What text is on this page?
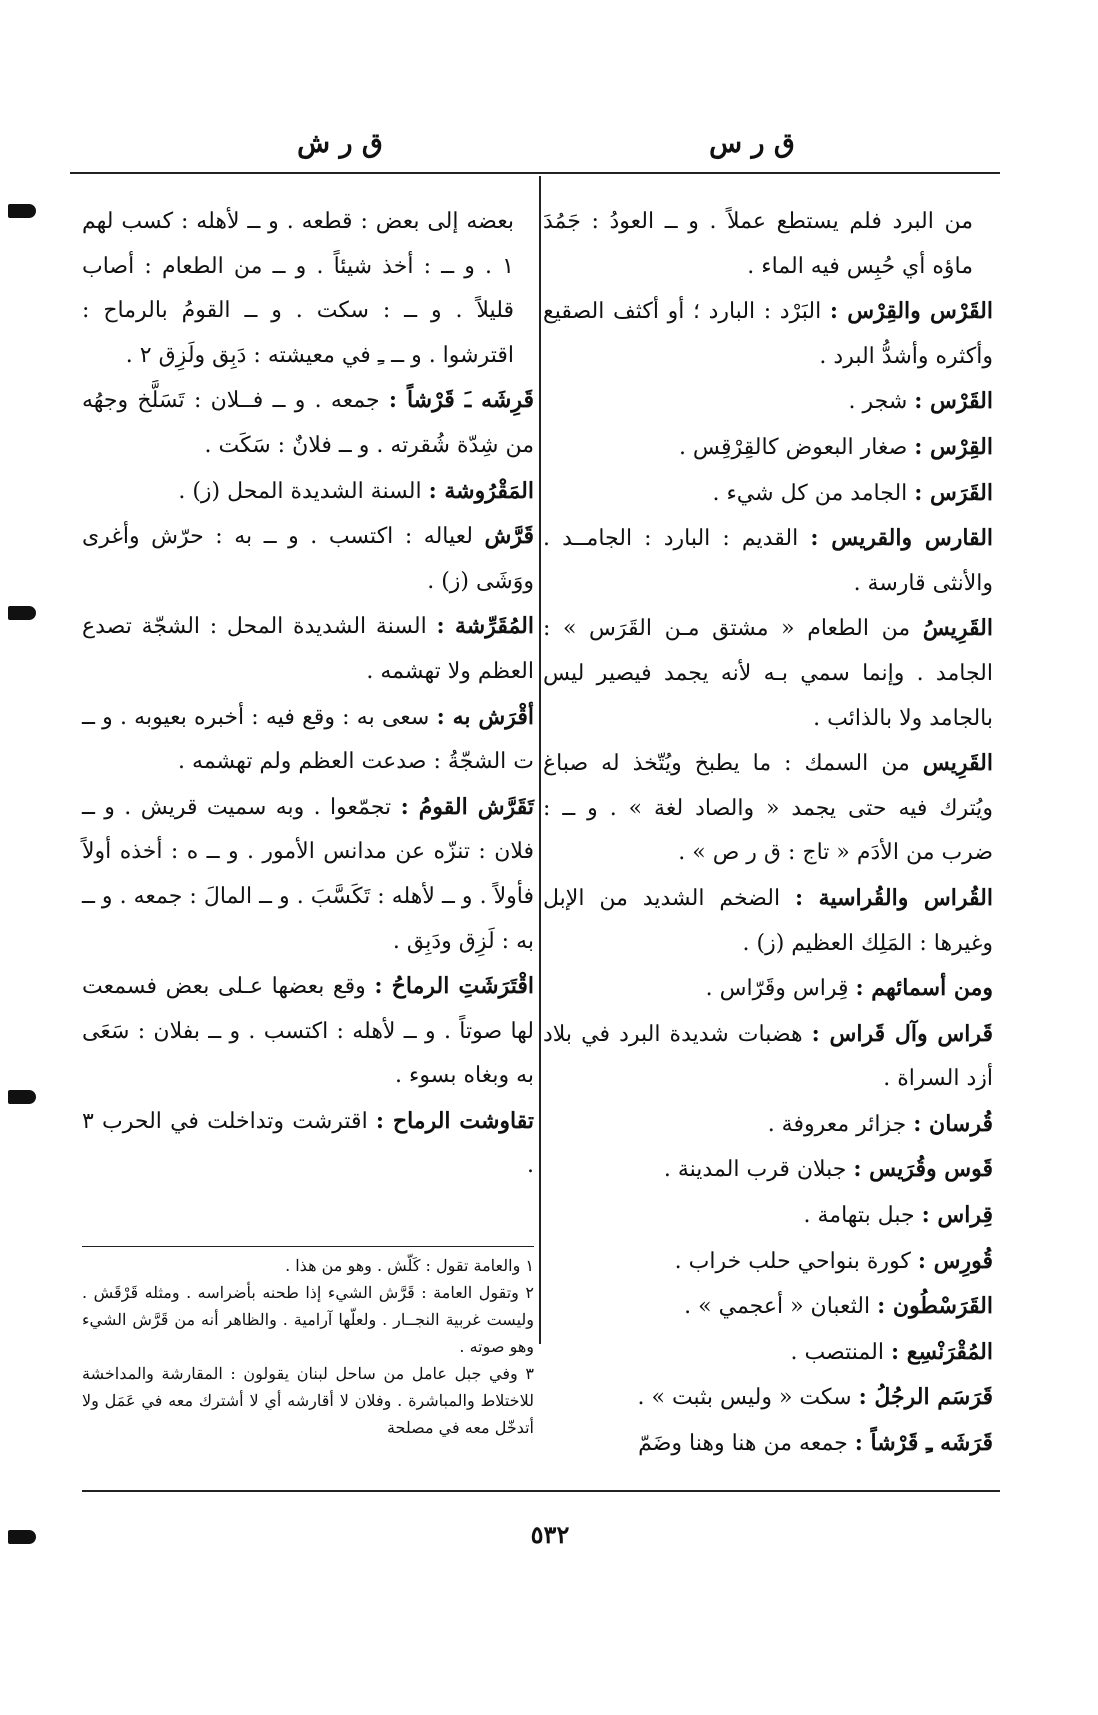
ق ر س
ق ر ش

من البرد فلم يستطع عملاً . و ــ العودُ : جَمُدَ ماؤه أي حُبِس فيه الماء .

القَرْس والقِرْس : البَرْد : البارد ؛ أو أكثف الصقيع وأكثره وأشدُّ البرد .

القَرْس : شجر .

القِرْس : صغار البعوض كالقِرْقِس .

القَرَس : الجامد من كل شيء .

القارس والقريس : القديم : البارد : الجامــد . والأنثى قارسة .

القَرِيسُ من الطعام « مشتق مـن القَرَس » : الجامد . وإنما سمي بـه لأنه يجمد فيصير ليس بالجامد ولا بالذائب .

القَرِيس من السمك : ما يطبخ ويُتّخذ له صباغ ويُترك فيه حتى يجمد « والصاد لغة » . و ــ : ضرب من الأدَم « تاج : ق ر ص » .

القُراس والقُراسية : الضخم الشديد من الإبل وغيرها : المَلِك العظيم (ز) .

ومن أسمائهم : قِراس وقَرّاس .

قَراس وآل قَراس : هضبات شديدة البرد في بلاد أزد السراة .

قُرسان : جزائر معروفة .

قَوس وقُرَيس : جبلان قرب المدينة .

قِراس : جبل بتهامة .

قُورِس : كورة بنواحي حلب خراب .

القَرَسْطُون : الثعبان « أعجمي » .

المُقْرَنْسِع : المنتصب .

قَرَسَم الرجُلُ : سكت « وليس بثبت » .

قَرَشَه ـِ قَرْشاً : جمعه من هنا وهنا وضَمّ

بعضه إلى بعض : قطعه . و ــ لأهله : كسب لهم ١ . و ــ : أخذ شيئاً . و ــ من الطعام : أصاب قليلاً . و ــ : سكت . و ــ القومُ بالرماح : اقترشوا . و ــ ـِ في معيشته : دَبِق ولَزِق ٢ .

قَرِشَه ـَ قَرْشاً : جمعه . و ــ فــلان : تَسَلَّخ وجهُه من شِدّة شُقرته . و ــ فلانٌ : سَكَت .

المَقْرُوشة : السنة الشديدة المحل (ز) .

قَرَّش لعياله : اكتسب . و ــ به : حرّش وأغرى ووَشَى (ز) .

المُقَرِّشة : السنة الشديدة المحل : الشجّة تصدع العظم ولا تهشمه .

أقْرَش به : سعى به : وقع فيه : أخبره بعيوبه . و ــ ت الشجّةُ : صدعت العظم ولم تهشمه .

تَقَرَّش القومُ : تجمّعوا . وبه سميت قريش . و ــ فلان : تنزّه عن مدانس الأمور . و ــ ه : أخذه أولاً فأولاً . و ــ لأهله : تَكَسَّبَ . و ــ المالَ : جمعه . و ــ به : لَزِق ودَبِق .

اقْتَرَشَتِ الرماحُ : وقع بعضها عـلى بعض فسمعت لها صوتاً . و ــ لأهله : اكتسب . و ــ بفلان : سَعَى به وبغاه بسوء .

تقاوشت الرماح : اقترشت وتداخلت في الحرب ٣ .

١ والعامة تقول : كَلّش . وهو من هذا .

٢ وتقول العامة : قَرَّش الشيء إذا طحنه بأضراسه . ومثله قَرْقَش . وليست غربية النجــار . ولعلّها آرامية . والظاهر أنه من قَرَّش الشيء وهو صوته .

٣ وفي جبل عامل من ساحل لبنان يقولون : المقارشة والمداخشة للاختلاط والمباشرة . وفلان لا أقارشه أي لا أشترك معه في عَمَل ولا أتدخّل معه في مصلحة

٥٣٢
